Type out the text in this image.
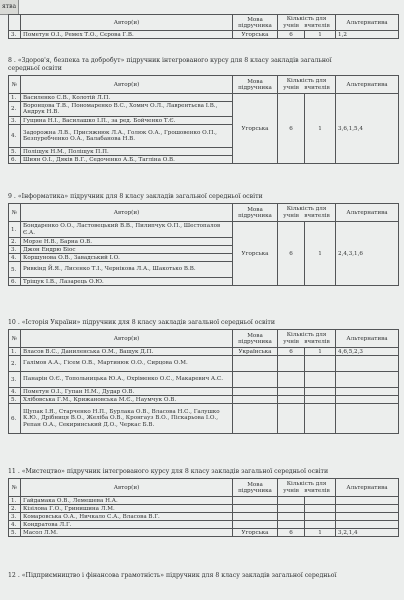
ятва
	Автор(и)	Мова підручника	Кількість для
учнів вчителів		Альтернатива
3.	Пометун О.І., Ремех Т.О., Сєрова Г.В.	Угорська	6	1	1,2
8 . «Здоров'я, безпека та добробут» підручник інтегрованого курсу для 8 класу закладів загальної
середньої освіти
№	Автор(и)	Мова підручника	Кількість для
учнів вчителів		Альтернатива
1.	Василенко С.В., Колотій Л.П.	Угорська	6	1	3,6,1,5,4
2.	Воронцова Т.В., Пономаренко В.С., Хомич О.Л., Лаврентьєва І.В., Андрук Н.В.				
3.	Гущина Н.І., Василашко І.П., за ред. Бойченко Т.Є.				
4.	Задорожна Л.В., Присяжнюк Л.А., Голюк О.А., Грошовенко О.П., Безпуребченко О.А., Балабанова Н.В.				
5.	Поліщук Н.М., Поліщук П.П.				
6.	Шиян О.І., Дяків В.Г., Седоченко А.Б., Тагліна О.В.				
9 . «Інформатика» підручник для 8 класу закладів загальної середньої освіти
№	Автор(и)	Мова підручника	Кількість для
учнів вчителів		Альтернатива
1.	Бондаренко О.О., Ластовецький В.В., Пилипчук О.П., Шестопалов Є.А.	Угорська	6	1	2,4,3,1,6
2.	Морзе Н.В., Барна О.В.				
3.	Джон Ендрю Біос				
4.	Коршунова О.В., Завадський І.О.				
5.	Ривкінд Й.Я., Лисенко Т.І., Чернікова Л.А., Шакотько В.В.				
6.	Тріщук І.В., Лазарець О.Ю.				
10 . «Історія України» підручник для 8 класу закладів загальної середньої освіти
№	Автор(и)	Мова підручника	Кількість для
учнів вчителів		Альтернатива
1.	Власов В.С., Даниленська О.М., Ващук Д.П.	Українська	6	1	4,6,5,2,3
2.	Галімов А.А., Гісем О.В., Мартинюк О.О., Сирцова О.М.				
3.	Панарін О.Є., Топольницька Ю.А., Охріменко О.С., Макаревич А.С.				
4.	Пометун О.І., Гупан Н.М., Дудар О.В.				
5.	Хлібовська Г.М., Крижановська М.Є., Наумчук О.В.				
6.	Щупак І.Я., Старченко Н.П., Бурлака О.В., Власова Н.С., Галушко К.Ю., Дрібниця В.О., Желіба О.В., Кронгауз В.О., Піскарьова І.О., Репан О.А., Секиринський Д.О., Черкас Б.В.				
11 . «Мистецтво» підручник інтегрованого курсу для 8 класу закладів загальної середньої освіти
№	Автор(и)	Мова підручника	Кількість для
учнів вчителів		Альтернатива
1.	Гайдамака О.В., Лемешева Н.А.				
2.	Кізілова Г.О., Гринишина Л.М.				
3.	Комаровська О.А., Ничкало С.А., Власова В.Г.				
4.	Кондратова Л.Г.				
5.	Масол Л.М.	Угорська	6	1	3,2,1,4
12 . «Підприємництво і фінансова грамотність» підручник для 8 класу закладів загальної середньої
